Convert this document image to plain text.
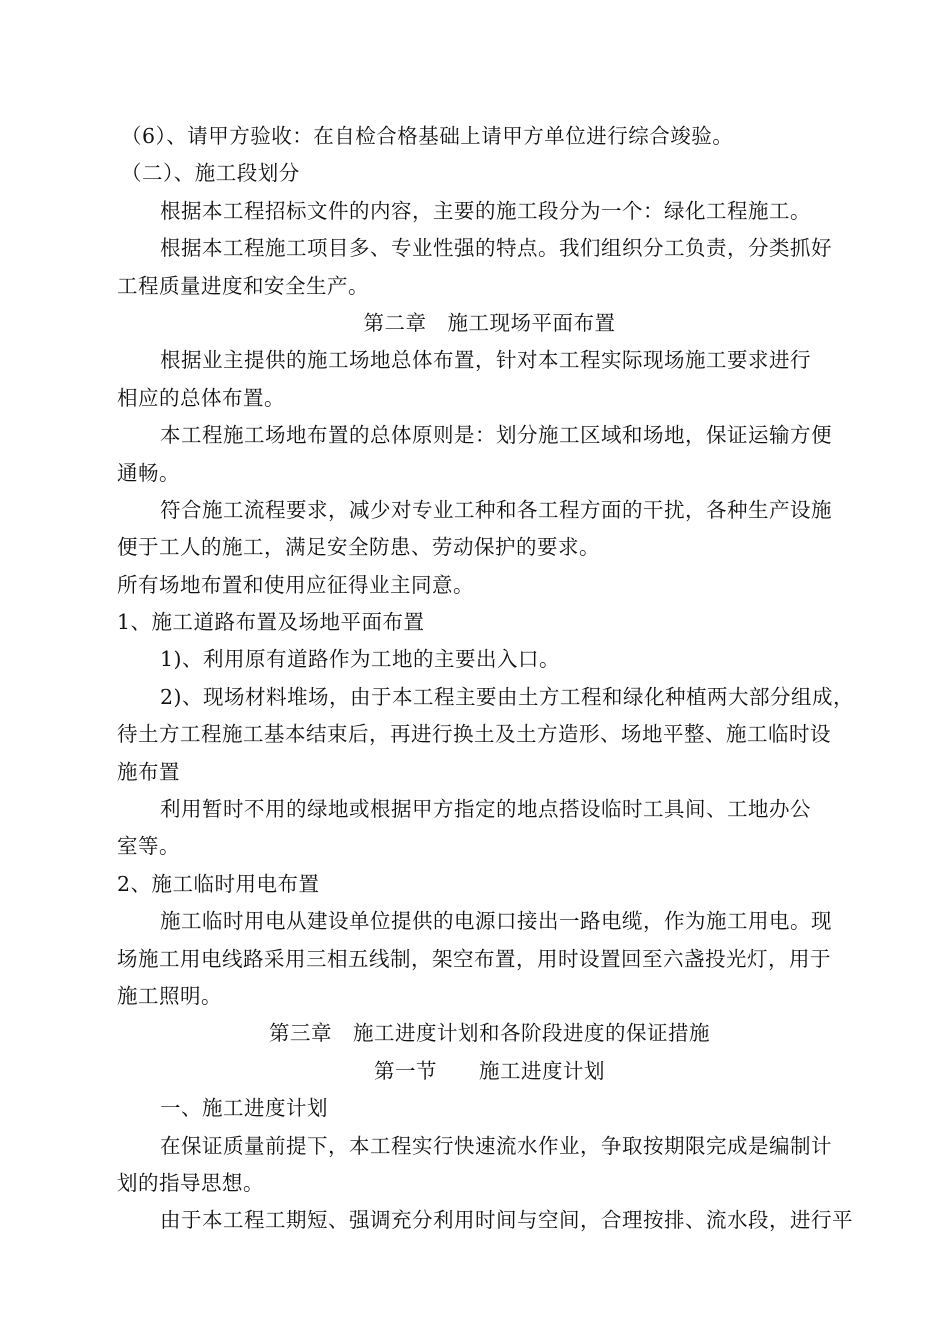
（6）、请甲方验收：在自检合格基础上请甲方单位进行综合竣验。
（二）、施工段划分
根据本工程招标文件的内容，主要的施工段分为一个：绿化工程施工。
根据本工程施工项目多、专业性强的特点。我们组织分工负责，分类抓好
工程质量进度和安全生产。
第二章　施工现场平面布置
根据业主提供的施工场地总体布置，针对本工程实际现场施工要求进行
相应的总体布置。
本工程施工场地布置的总体原则是：划分施工区域和场地，保证运输方便
通畅。
符合施工流程要求，减少对专业工种和各工程方面的干扰，各种生产设施
便于工人的施工，满足安全防患、劳动保护的要求。
所有场地布置和使用应征得业主同意。
1、施工道路布置及场地平面布置
1)、利用原有道路作为工地的主要出入口。
2)、现场材料堆场，由于本工程主要由土方工程和绿化种植两大部分组成，
待土方工程施工基本结束后，再进行换土及土方造形、场地平整、施工临时设
施布置
利用暂时不用的绿地或根据甲方指定的地点搭设临时工具间、工地办公
室等。
2、施工临时用电布置
施工临时用电从建设单位提供的电源口接出一路电缆，作为施工用电。现
场施工用电线路采用三相五线制，架空布置，用时设置回至六盏投光灯，用于
施工照明。
第三章　施工进度计划和各阶段进度的保证措施
第一节　　施工进度计划
一、施工进度计划
在保证质量前提下，本工程实行快速流水作业，争取按期限完成是编制计
划的指导思想。
由于本工程工期短、强调充分利用时间与空间，合理按排、流水段，进行平
